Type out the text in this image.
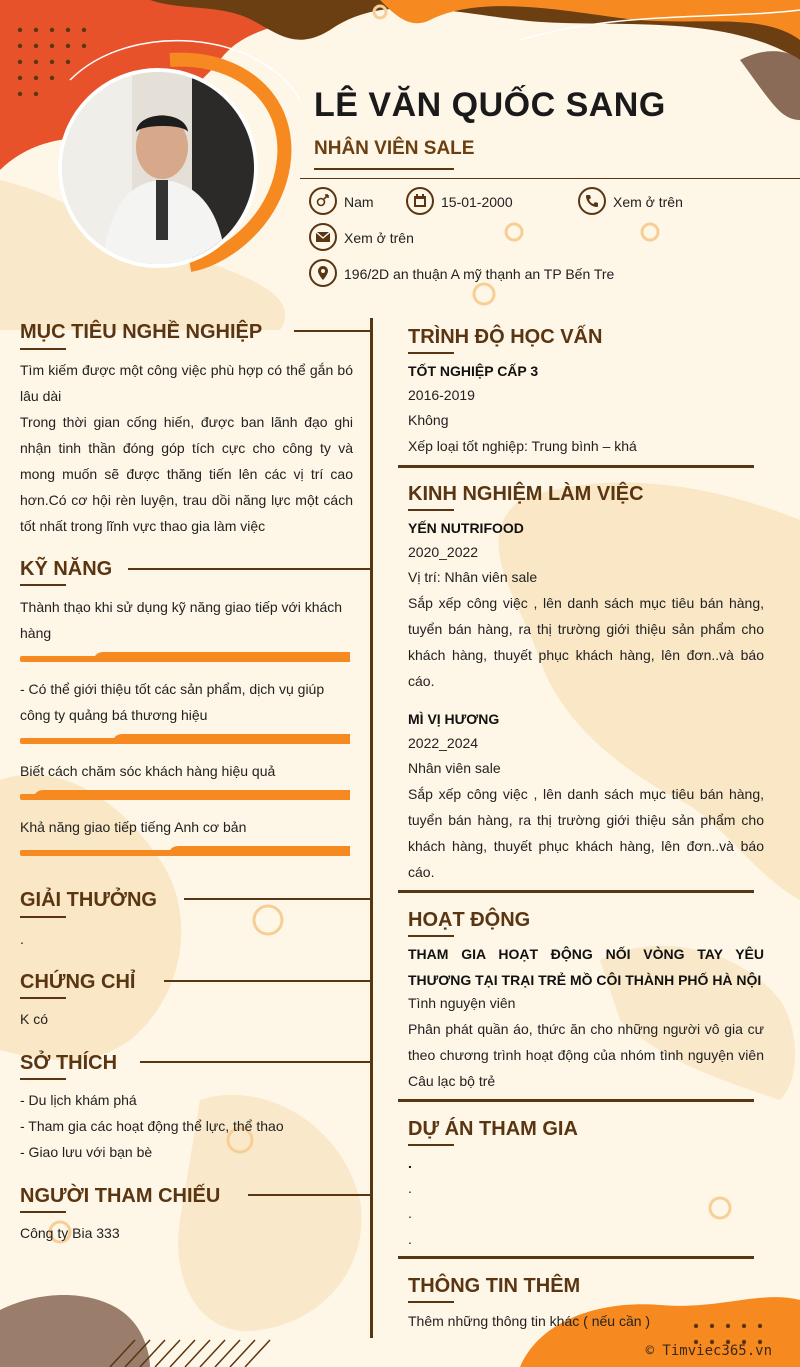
LÊ VĂN QUỐC SANG
NHÂN VIÊN SALE
Nam	15-01-2000	Xem ở trên
Xem ở trên
196/2D an thuận A mỹ thạnh an TP Bến Tre
MỤC TIÊU NGHỀ NGHIỆP
Tìm kiếm được một công việc phù hợp có thể gắn bó lâu dài
Trong thời gian cống hiến, được ban lãnh đạo ghi nhận tinh thần đóng góp tích cực cho công ty và mong muốn sẽ được thăng tiến lên các vị trí cao hơn.Có cơ hội rèn luyện, trau dồi năng lực một cách tốt nhất trong lĩnh vực thao gia làm việc
KỸ NĂNG
Thành thạo khi sử dụng kỹ năng giao tiếp với khách hàng
- Có thể giới thiệu tốt các sản phẩm, dịch vụ giúp công ty quảng bá thương hiệu
Biết cách chăm sóc khách hàng hiệu quả
Khả năng giao tiếp tiếng Anh cơ bản
GIẢI THƯỞNG
.
CHỨNG CHỈ
K có
SỞ THÍCH
- Du lịch khám phá
- Tham gia các hoạt động thể lực, thể thao
- Giao lưu với bạn bè
NGƯỜI THAM CHIẾU
Công ty Bia 333
TRÌNH ĐỘ HỌC VẤN
TỐT NGHIỆP CẤP 3
2016-2019
Không
Xếp loại tốt nghiệp: Trung bình – khá
KINH NGHIỆM LÀM VIỆC
YẾN NUTRIFOOD
2020_2022
Vị trí: Nhân viên sale
Sắp xếp công việc , lên danh sách mục tiêu bán hàng, tuyển bán hàng, ra thị trường giới thiệu sản phẩm cho khách hàng, thuyết phục khách hàng, lên đơn..và báo cáo.
MÌ VỊ HƯƠNG
2022_2024
Nhân viên sale
Sắp xếp công việc , lên danh sách mục tiêu bán hàng, tuyển bán hàng, ra thị trường giới thiệu sản phẩm cho khách hàng, thuyết phục khách hàng, lên đơn..và báo cáo.
HOẠT ĐỘNG
THAM GIA HOẠT ĐỘNG NỐI VÒNG TAY YÊU THƯƠNG TẠI TRẠI TRẺ MỒ CÔI THÀNH PHỐ HÀ NỘI
Tình nguyện viên
Phân phát quần áo, thức ăn cho những người vô gia cư theo chương trình hoạt động của nhóm tình nguyện viên Câu lạc bộ trẻ
DỰ ÁN THAM GIA
.
.
.
.
THÔNG TIN THÊM
Thêm những thông tin khác ( nếu cần )
© Timviec365.vn
